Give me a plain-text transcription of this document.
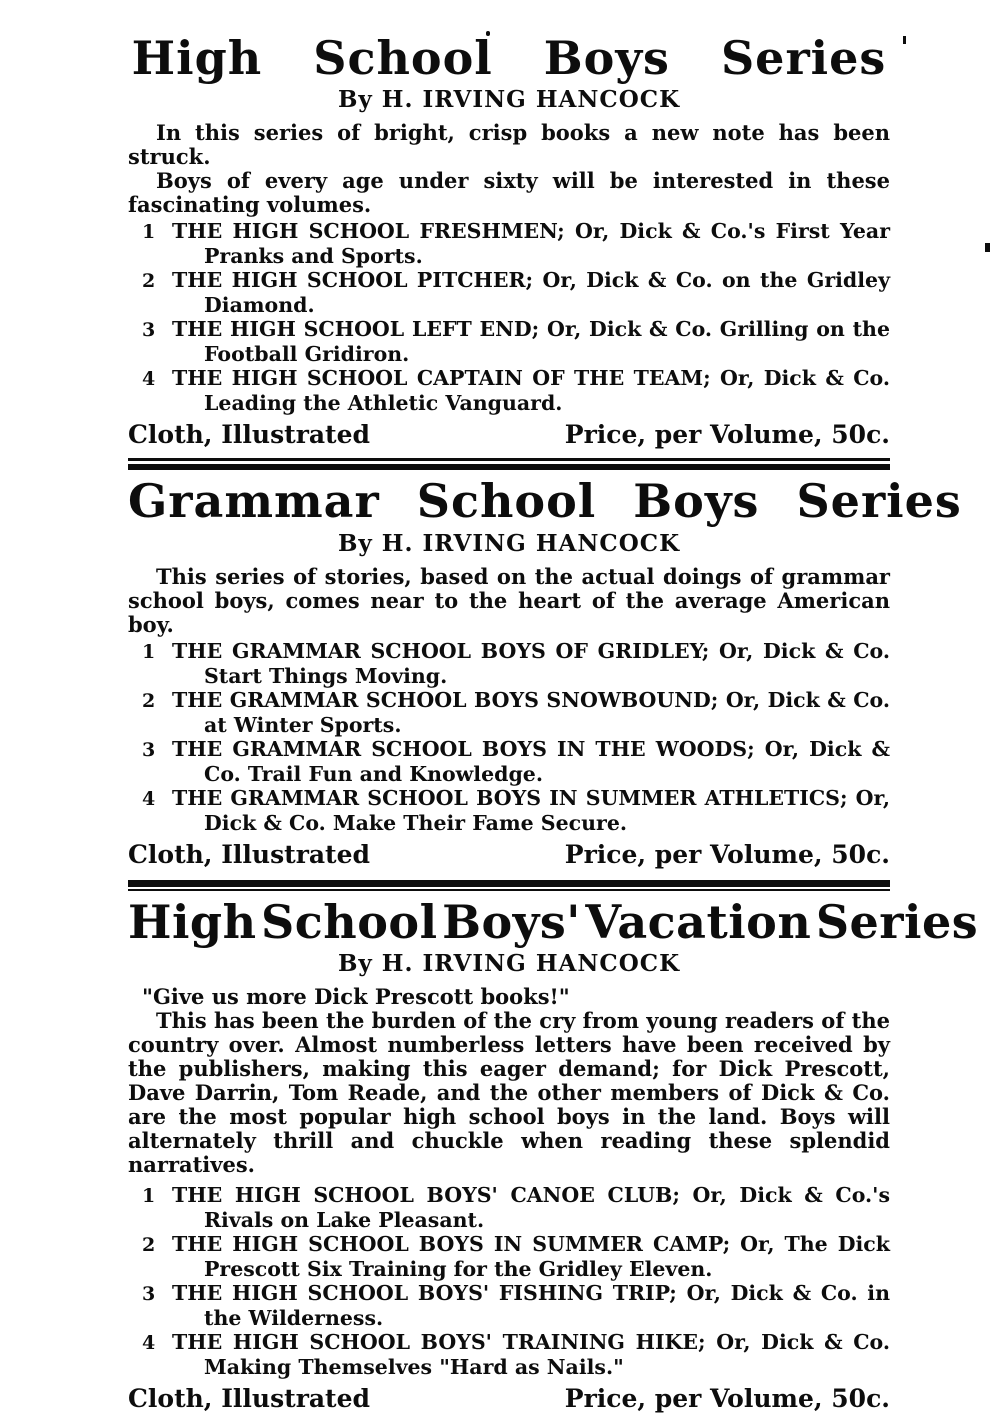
High School Boys Series
By H. IRVING HANCOCK

In this series of bright, crisp books a new note has been struck.

Boys of every age under sixty will be interested in these fascinating volumes.

1 THE HIGH SCHOOL FRESHMEN; Or, Dick & Co.'s First Year Pranks and Sports.

2 THE HIGH SCHOOL PITCHER; Or, Dick & Co. on the Gridley Diamond.

3 THE HIGH SCHOOL LEFT END; Or, Dick & Co. Grilling on the Football Gridiron.

4 THE HIGH SCHOOL CAPTAIN OF THE TEAM; Or, Dick & Co. Leading the Athletic Vanguard.

Cloth, Illustrated	Price, per Volume, 50c.
Grammar School Boys Series
By H. IRVING HANCOCK

This series of stories, based on the actual doings of grammar school boys, comes near to the heart of the average American boy.

1 THE GRAMMAR SCHOOL BOYS OF GRIDLEY; Or, Dick & Co. Start Things Moving.

2 THE GRAMMAR SCHOOL BOYS SNOWBOUND; Or, Dick & Co. at Winter Sports.

3 THE GRAMMAR SCHOOL BOYS IN THE WOODS; Or, Dick & Co. Trail Fun and Knowledge.

4 THE GRAMMAR SCHOOL BOYS IN SUMMER ATHLETICS; Or, Dick & Co. Make Their Fame Secure.

Cloth, Illustrated	Price, per Volume, 50c.
High School Boys' Vacation Series
By H. IRVING HANCOCK

"Give us more Dick Prescott books!"

This has been the burden of the cry from young readers of the country over. Almost numberless letters have been received by the publishers, making this eager demand; for Dick Prescott, Dave Darrin, Tom Reade, and the other members of Dick & Co. are the most popular high school boys in the land. Boys will alternately thrill and chuckle when reading these splendid narratives.

1 THE HIGH SCHOOL BOYS' CANOE CLUB; Or, Dick & Co.'s Rivals on Lake Pleasant.

2 THE HIGH SCHOOL BOYS IN SUMMER CAMP; Or, The Dick Prescott Six Training for the Gridley Eleven.

3 THE HIGH SCHOOL BOYS' FISHING TRIP; Or, Dick & Co. in the Wilderness.

4 THE HIGH SCHOOL BOYS' TRAINING HIKE; Or, Dick & Co. Making Themselves "Hard as Nails."

Cloth, Illustrated	Price, per Volume, 50c.
